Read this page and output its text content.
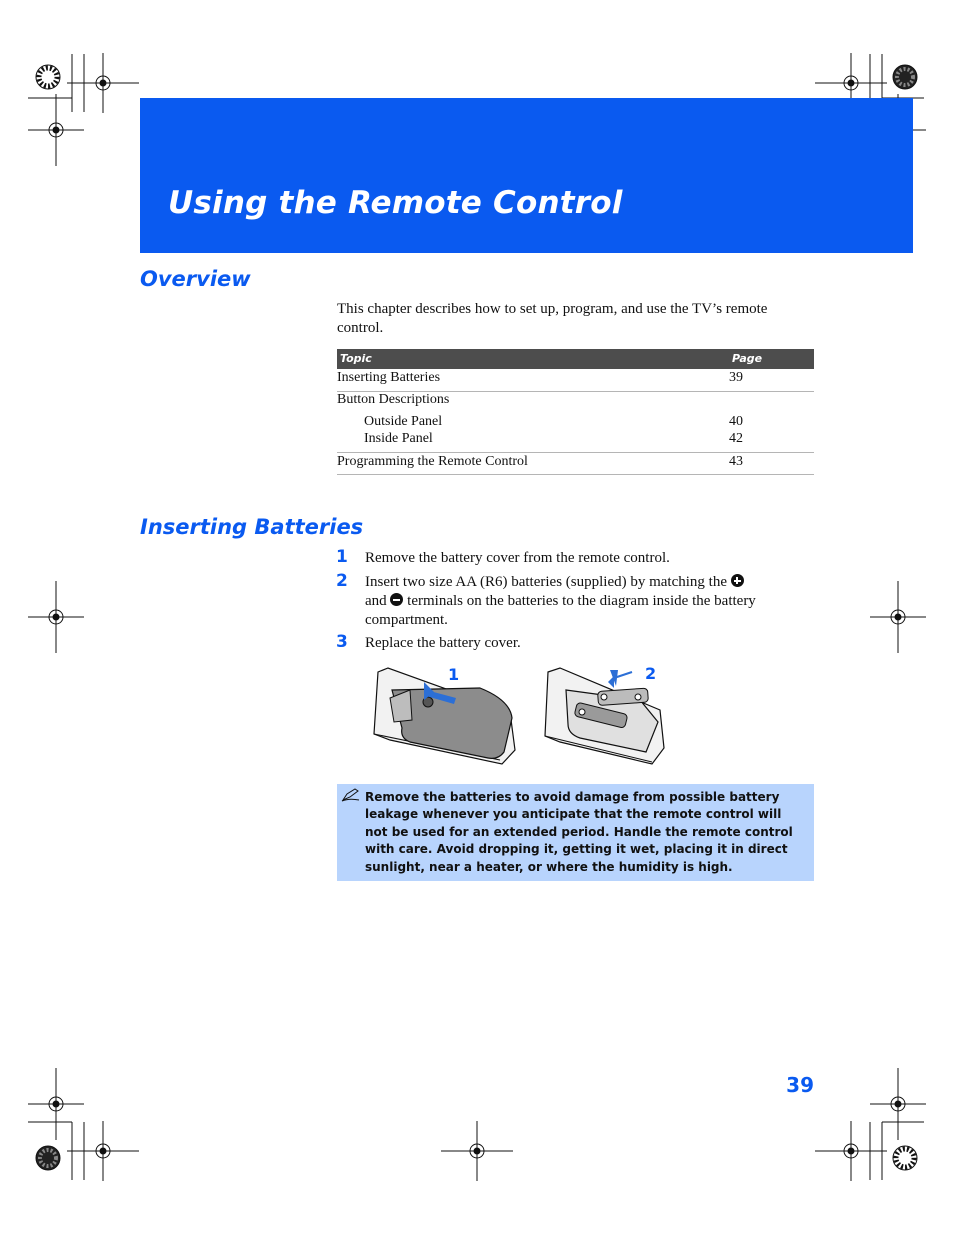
Using the Remote Control
Overview
This chapter describes how to set up, program, and use the TV’s remote control.
Topic	Page
Inserting Batteries	39
Button Descriptions
Outside Panel	40
Inside Panel	42
Programming the Remote Control	43
Inserting Batteries
1 Remove the battery cover from the remote control.
2 Insert two size AA (R6) batteries (supplied) by matching the
and terminals on the batteries to the diagram inside the battery compartment.
3 Replace the battery cover.
1	2
Remove the batteries to avoid damage from possible battery leakage whenever you anticipate that the remote control will not be used for an extended period. Handle the remote control with care. Avoid dropping it, getting it wet, placing it in direct sunlight, near a heater, or where the humidity is high.
39
